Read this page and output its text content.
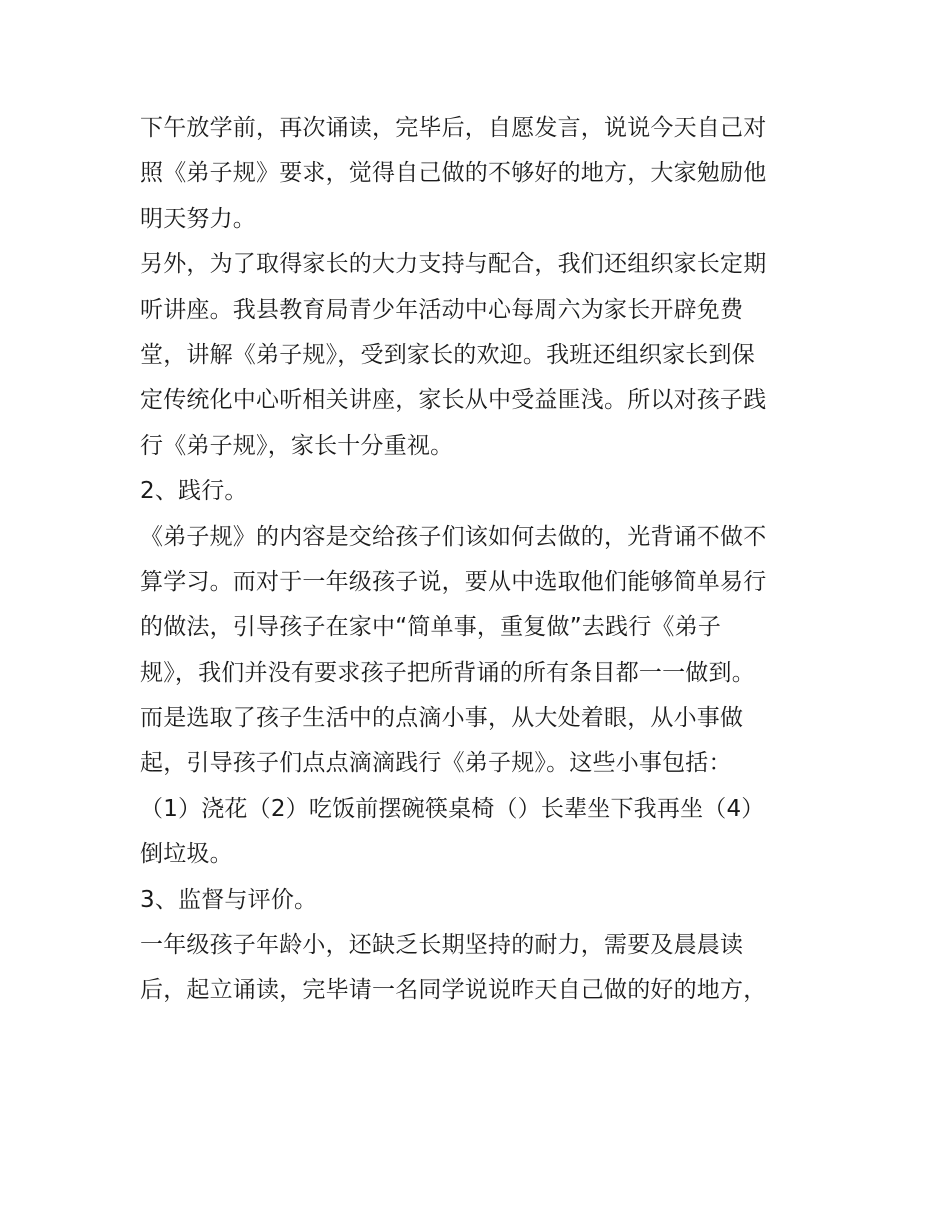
下午放学前，再次诵读，完毕后，自愿发言，说说今天自己对
照《弟子规》要求，觉得自己做的不够好的地方，大家勉励他
明天努力。
另外，为了取得家长的大力支持与配合，我们还组织家长定期
听讲座。我县教育局青少年活动中心每周六为家长开辟免费
堂，讲解《弟子规》，受到家长的欢迎。我班还组织家长到保
定传统化中心听相关讲座，家长从中受益匪浅。所以对孩子践
行《弟子规》，家长十分重视。
2、践行。
《弟子规》的内容是交给孩子们该如何去做的，光背诵不做不
算学习。而对于一年级孩子说，要从中选取他们能够简单易行
的做法，引导孩子在家中“简单事，重复做”去践行《弟子
规》，我们并没有要求孩子把所背诵的所有条目都一一做到。
而是选取了孩子生活中的点滴小事，从大处着眼，从小事做
起，引导孩子们点点滴滴践行《弟子规》。这些小事包括：
（1）浇花（2）吃饭前摆碗筷桌椅（）长辈坐下我再坐（4）
倒垃圾。
3、监督与评价。
一年级孩子年龄小，还缺乏长期坚持的耐力，需要及晨晨读
后，起立诵读，完毕请一名同学说说昨天自己做的好的地方，
